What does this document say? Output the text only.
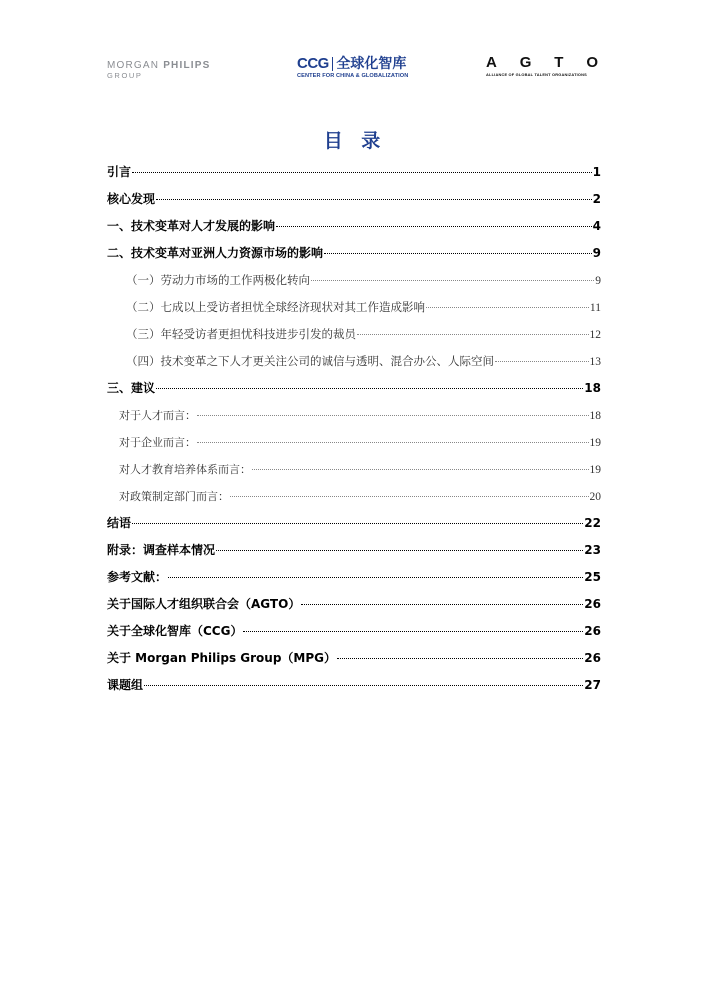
MORGAN PHILIPS
GROUP
CCG 全球化智库
CENTER FOR CHINA & GLOBALIZATION
A G T O
ALLIANCE OF GLOBAL TALENT ORGANIZATIONS
目 录
引言	1
核心发现	2
一、技术变革对人才发展的影响	4
二、技术变革对亚洲人力资源市场的影响	9
（一）劳动力市场的工作两极化转向	9
（二）七成以上受访者担忧全球经济现状对其工作造成影响	11
（三）年轻受访者更担忧科技进步引发的裁员	12
（四）技术变革之下人才更关注公司的诚信与透明、混合办公、人际空间	13
三、建议	18
对于人才而言：	18
对于企业而言：	19
对人才教育培养体系而言：	19
对政策制定部门而言：	20
结语	22
附录：调查样本情况	23
参考文献：	25
关于国际人才组织联合会（AGTO）	26
关于全球化智库（CCG）	26
关于 Morgan Philips Group（MPG）	26
课题组	27
